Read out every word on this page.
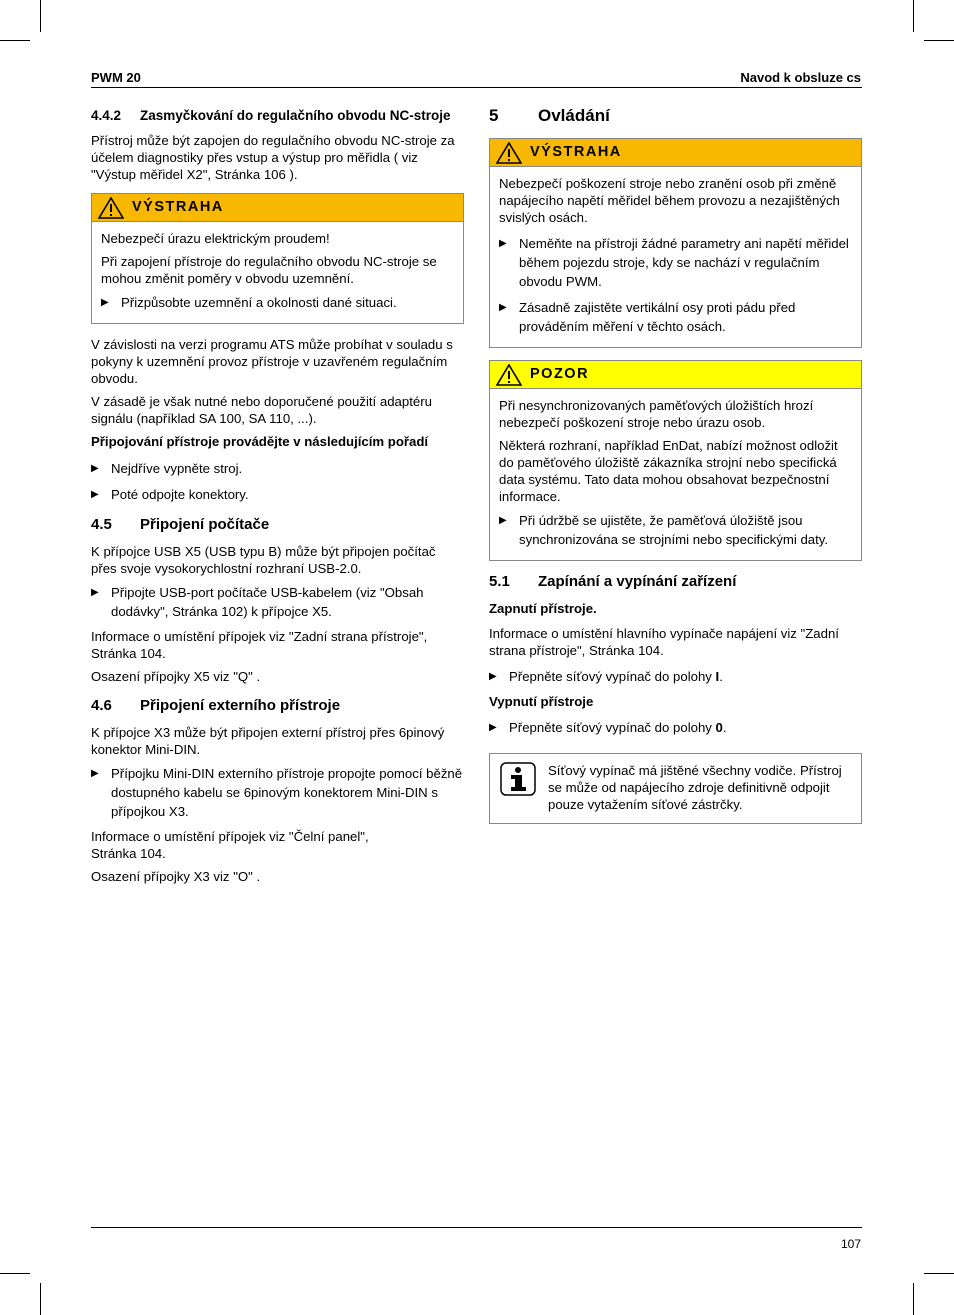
PWM 20	Navod k obsluze cs
4.4.2	Zasmyčkování do regulačního obvodu NC-stroje

Přístroj může být zapojen do regulačního obvodu NC-stroje za účelem diagnostiky přes vstup a výstup pro měřidla ( viz "Výstup měřidel X2", Stránka 106 ).

VÝSTRAHA

Nebezpečí úrazu elektrickým proudem!

Při zapojení přístroje do regulačního obvodu NC-stroje se mohou změnit poměry v obvodu uzemnění.

▶ Přizpůsobte uzemnění a okolnosti dané situaci.

V závislosti na verzi programu ATS může probíhat v souladu s pokyny k uzemnění provoz přístroje v uzavřeném regulačním obvodu.

V zásadě je však nutné nebo doporučené použití adaptéru signálu (například SA 100, SA 110, ...).

Připojování přístroje provádějte v následujícím pořadí

▶ Nejdříve vypněte stroj.
▶ Poté odpojte konektory.
4.5	Připojení počítače

K přípojce USB X5 (USB typu B) může být připojen počítač přes svoje vysokorychlostní rozhraní USB-2.0.

▶ Připojte USB-port počítače USB-kabelem (viz "Obsah dodávky", Stránka 102) k přípojce X5.

Informace o umístění přípojek viz "Zadní strana přístroje", Stránka 104.

Osazení přípojky X5 viz "Q" .

4.6	Připojení externího přístroje

K přípojce X3 může být připojen externí přístroj přes 6pinový konektor Mini-DIN.

▶ Přípojku Mini-DIN externího přístroje propojte pomocí běžně dostupného kabelu se 6pinovým konektorem Mini-DIN s přípojkou X3.

Informace o umístění přípojek viz "Čelní panel",
Stránka 104.

Osazení přípojky X3 viz "O" .

5	Ovládání
VÝSTRAHA

Nebezpečí poškození stroje nebo zranění osob při změně napájecího napětí měřidel během provozu a nezajištěných svislých osách.

▶ Neměňte na přístroji žádné parametry ani napětí měřidel během pojezdu stroje, kdy se nachází v regulačním obvodu PWM.
▶ Zásadně zajistěte vertikální osy proti pádu před prováděním měření v těchto osách.
POZOR

Při nesynchronizovaných paměťových úložištích hrozí nebezpečí poškození stroje nebo úrazu osob.

Některá rozhraní, například EnDat, nabízí možnost odložit do paměťového úložiště zákazníka strojní nebo specifická data systému. Tato data mohou obsahovat bezpečnostní informace.

▶ Při údržbě se ujistěte, že paměťová úložiště jsou synchronizována se strojními nebo specifickými daty.
5.1	Zapínání a vypínání zařízení

Zapnutí přístroje.

Informace o umístění hlavního vypínače napájení viz "Zadní strana přístroje", Stránka 104.

▶ Přepněte síťový vypínač do polohy I.

Vypnutí přístroje

▶ Přepněte síťový vypínač do polohy 0.
Síťový vypínač má jištěné všechny vodiče. Přístroj se může od napájecího zdroje definitivně odpojit pouze vytažením síťové zástrčky.
107
